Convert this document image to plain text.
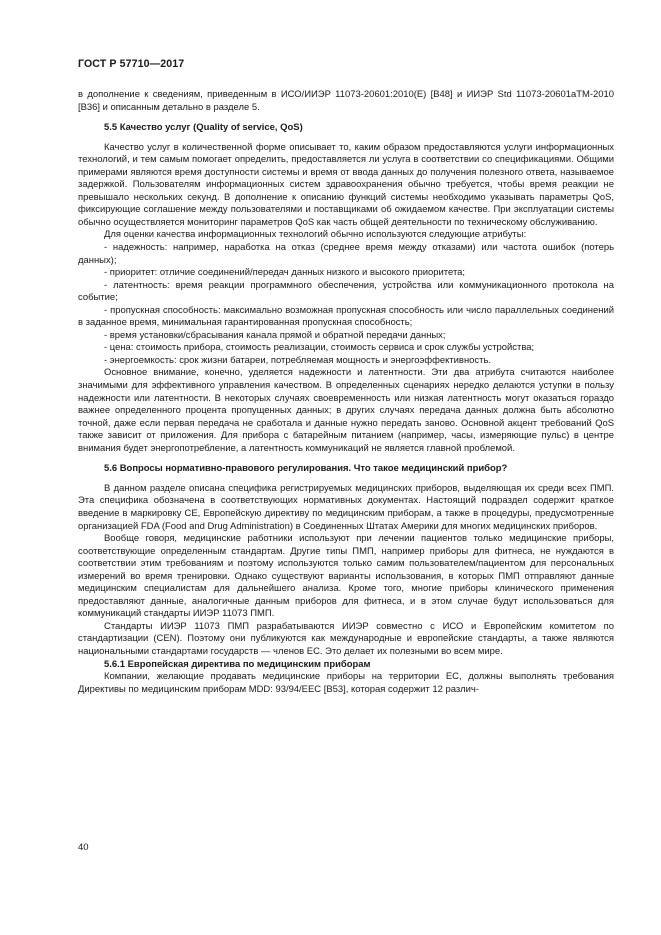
ГОСТ Р 57710—2017

в дополнение к сведениям, приведенным в ИСО/ИИЭР 11073-20601:2010(E) [В48] и ИИЭР Std 11073-20601аTM-2010 [В36] и описанным детально в разделе 5.

5.5 Качество услуг (Quality of service, QoS)

Качество услуг в количественной форме описывает то, каким образом предоставляются услуги информационных технологий, и тем самым помогает определить, предоставляется ли услуга в соответствии со спецификациями. Общими примерами являются время доступности системы и время от ввода данных до получения полезного ответа, называемое задержкой. Пользователям информационных систем здравоохранения обычно требуется, чтобы время реакции не превышало нескольких секунд. В дополнение к описанию функций системы необходимо указывать параметры QoS, фиксирующие соглашение между пользователями и поставщиками об ожидаемом качестве. При эксплуатации системы обычно осуществляется мониторинг параметров QoS как часть общей деятельности по техническому обслуживанию.

Для оценки качества информационных технологий обычно используются следующие атрибуты:

- надежность: например, наработка на отказ (среднее время между отказами) или частота ошибок (потерь данных);
- приоритет: отличие соединений/передач данных низкого и высокого приоритета;
- латентность: время реакции программного обеспечения, устройства или коммуникационного протокола на событие;
- пропускная способность: максимально возможная пропускная способность или число параллельных соединений в заданное время, минимальная гарантированная пропускная способность;
- время установки/сбрасывания канала прямой и обратной передачи данных;
- цена: стоимость прибора, стоимость реализации, стоимость сервиса и срок службы устройства;
- энергоемкость: срок жизни батареи, потребляемая мощность и энергоэффективность.

Основное внимание, конечно, уделяется надежности и латентности. Эти два атрибута считаются наиболее значимыми для эффективного управления качеством. В определенных сценариях нередко делаются уступки в пользу надежности или латентности. В некоторых случаях своевременность или низкая латентность могут оказаться гораздо важнее определенного процента пропущенных данных; в других случаях передача данных должна быть абсолютно точной, даже если первая передача не сработала и данные нужно передать заново. Основной акцент требований QoS также зависит от приложения. Для прибора с батарейным питанием (например, часы, измеряющие пульс) в центре внимания будет энергопотребление, а латентность коммуникаций не является главной проблемой.

5.6 Вопросы нормативно-правового регулирования. Что такое медицинский прибор?

В данном разделе описана специфика регистрируемых медицинских приборов, выделяющая их среди всех ПМП. Эта специфика обозначена в соответствующих нормативных документах. Настоящий подраздел содержит краткое введение в маркировку СЕ, Европейскую директиву по медицинским приборам, а также в процедуры, предусмотренные организацией FDA (Food and Drug Administration) в Соединенных Штатах Америки для многих медицинских приборов.

Вообще говоря, медицинские работники используют при лечении пациентов только медицинские приборы, соответствующие определенным стандартам. Другие типы ПМП, например приборы для фитнеса, не нуждаются в соответствии этим требованиям и поэтому используются только самим пользователем/пациентом для персональных измерений во время тренировки. Однако существуют варианты использования, в которых ПМП отправляют данные медицинским специалистам для дальнейшего анализа. Кроме того, многие приборы клинического применения предоставляют данные, аналогичные данным приборов для фитнеса, и в этом случае будут использоваться для коммуникаций стандарты ИИЭР 11073 ПМП.

Стандарты ИИЭР 11073 ПМП разрабатываются ИИЭР совместно с ИСО и Европейским комитетом по стандартизации (CEN). Поэтому они публикуются как международные и европейские стандарты, а также являются национальными стандартами государств — членов ЕС. Это делает их полезными во всем мире.

5.6.1 Европейская директива по медицинским приборам

Компании, желающие продавать медицинские приборы на территории ЕС, должны выполнять требования Директивы по медицинским приборам MDD: 93/94/EEC [В53], которая содержит 12 различ-

40
